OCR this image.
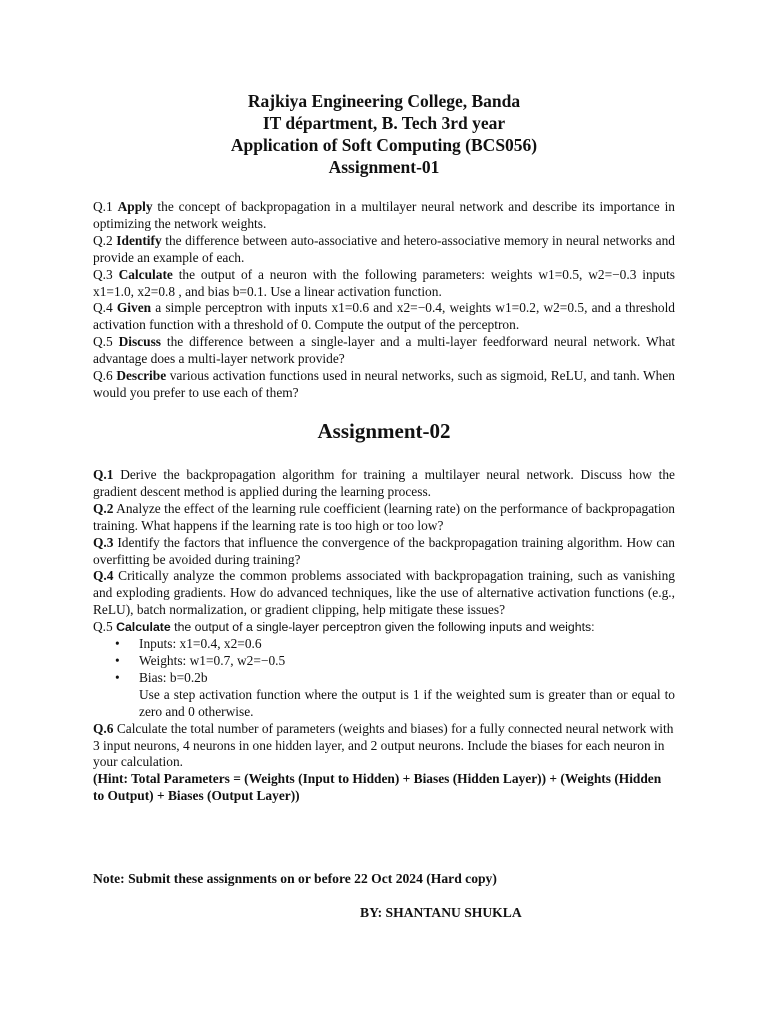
Rajkiya Engineering College, Banda
IT départment, B. Tech 3rd year
Application of Soft Computing (BCS056)
Assignment-01

Q.1 Apply the concept of backpropagation in a multilayer neural network and describe its importance in optimizing the network weights.

Q.2 Identify the difference between auto-associative and hetero-associative memory in neural networks and provide an example of each.

Q.3 Calculate the output of a neuron with the following parameters: weights w1=0.5, w2=−0.3 inputs x1=1.0, x2=0.8 , and bias b=0.1. Use a linear activation function.

Q.4 Given a simple perceptron with inputs x1=0.6 and x2=−0.4, weights w1=0.2, w2=0.5, and a threshold activation function with a threshold of 0. Compute the output of the perceptron.

Q.5 Discuss the difference between a single-layer and a multi-layer feedforward neural network. What advantage does a multi-layer network provide?

Q.6 Describe various activation functions used in neural networks, such as sigmoid, ReLU, and tanh. When would you prefer to use each of them?

Assignment-02

Q.1 Derive the backpropagation algorithm for training a multilayer neural network. Discuss how the gradient descent method is applied during the learning process.

Q.2 Analyze the effect of the learning rule coefficient (learning rate) on the performance of backpropagation training. What happens if the learning rate is too high or too low?

Q.3 Identify the factors that influence the convergence of the backpropagation training algorithm. How can overfitting be avoided during training?

Q.4 Critically analyze the common problems associated with backpropagation training, such as vanishing and exploding gradients. How do advanced techniques, like the use of alternative activation functions (e.g., ReLU), batch normalization, or gradient clipping, help mitigate these issues?

Q.5 Calculate the output of a single-layer perceptron given the following inputs and weights:

• Inputs: x1=0.4, x2=0.6
• Weights: w1=0.7, w2=−0.5
• Bias: b=0.2b

Use a step activation function where the output is 1 if the weighted sum is greater than or equal to zero and 0 otherwise.

Q.6 Calculate the total number of parameters (weights and biases) for a fully connected neural network with 3 input neurons, 4 neurons in one hidden layer, and 2 output neurons. Include the biases for each neuron in your calculation.

(Hint: Total Parameters = (Weights (Input to Hidden) + Biases (Hidden Layer)) + (Weights (Hidden to Output) + Biases (Output Layer))

Note: Submit these assignments on or before 22 Oct 2024 (Hard copy)
BY: SHANTANU SHUKLA
